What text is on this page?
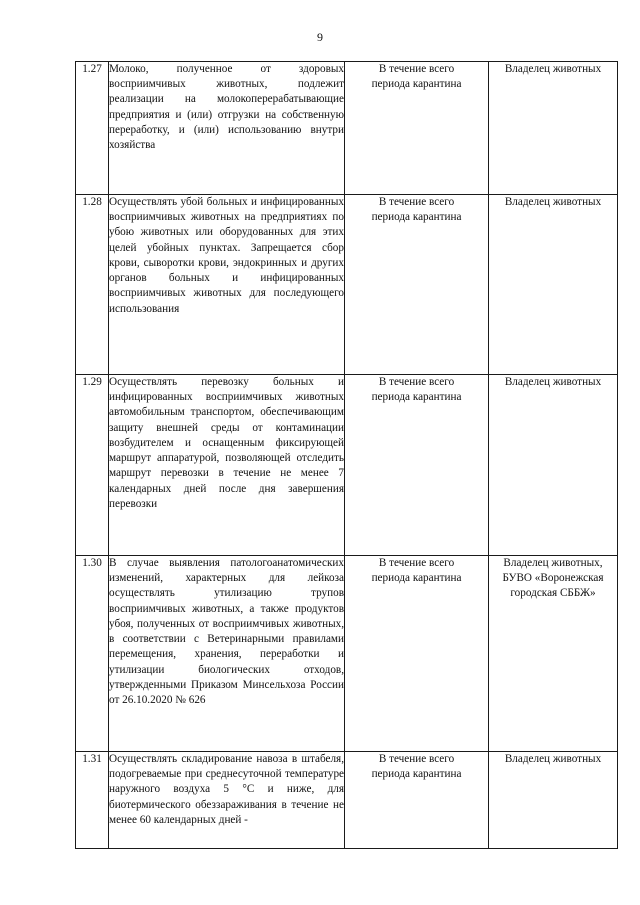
9
1.27	Молоко, полученное от здоровых восприимчивых животных, подлежит реализации на молокоперерабатывающие предприятия и (или) отгрузки на собственную переработку, и (или) использованию внутри хозяйства	В течение всего
периода карантина	Владелец животных
1.28	Осуществлять убой больных и инфицированных восприимчивых животных на предприятиях по убою животных или оборудованных для этих целей убойных пунктах. Запрещается сбор крови, сыворотки крови, эндокринных и других органов больных и инфицированных восприимчивых животных для последующего использования	В течение всего
периода карантина	Владелец животных
1.29	Осуществлять перевозку больных и инфицированных восприимчивых животных автомобильным транспортом, обеспечивающим защиту внешней среды от контаминации возбудителем и оснащенным фиксирующей маршрут аппаратурой, позволяющей отследить маршрут перевозки в течение не менее 7 календарных дней после дня завершения перевозки	В течение всего
периода карантина	Владелец животных
1.30	В случае выявления патологоанатомических изменений, характерных для лейкоза осуществлять утилизацию трупов восприимчивых животных, а также продуктов убоя, полученных от восприимчивых животных, в соответствии с Ветеринарными правилами перемещения, хранения, переработки и утилизации биологических отходов, утвержденными Приказом Минсельхоза России от 26.10.2020 № 626	В течение всего
периода карантина	Владелец животных, БУВО «Воронежская городская СББЖ»
1.31	Осуществлять складирование навоза в штабеля, подогреваемые при среднесуточной температуре наружного воздуха 5 °С и ниже, для биотермического обеззараживания в течение не менее 60 календарных дней -	В течение всего
периода карантина	Владелец животных
